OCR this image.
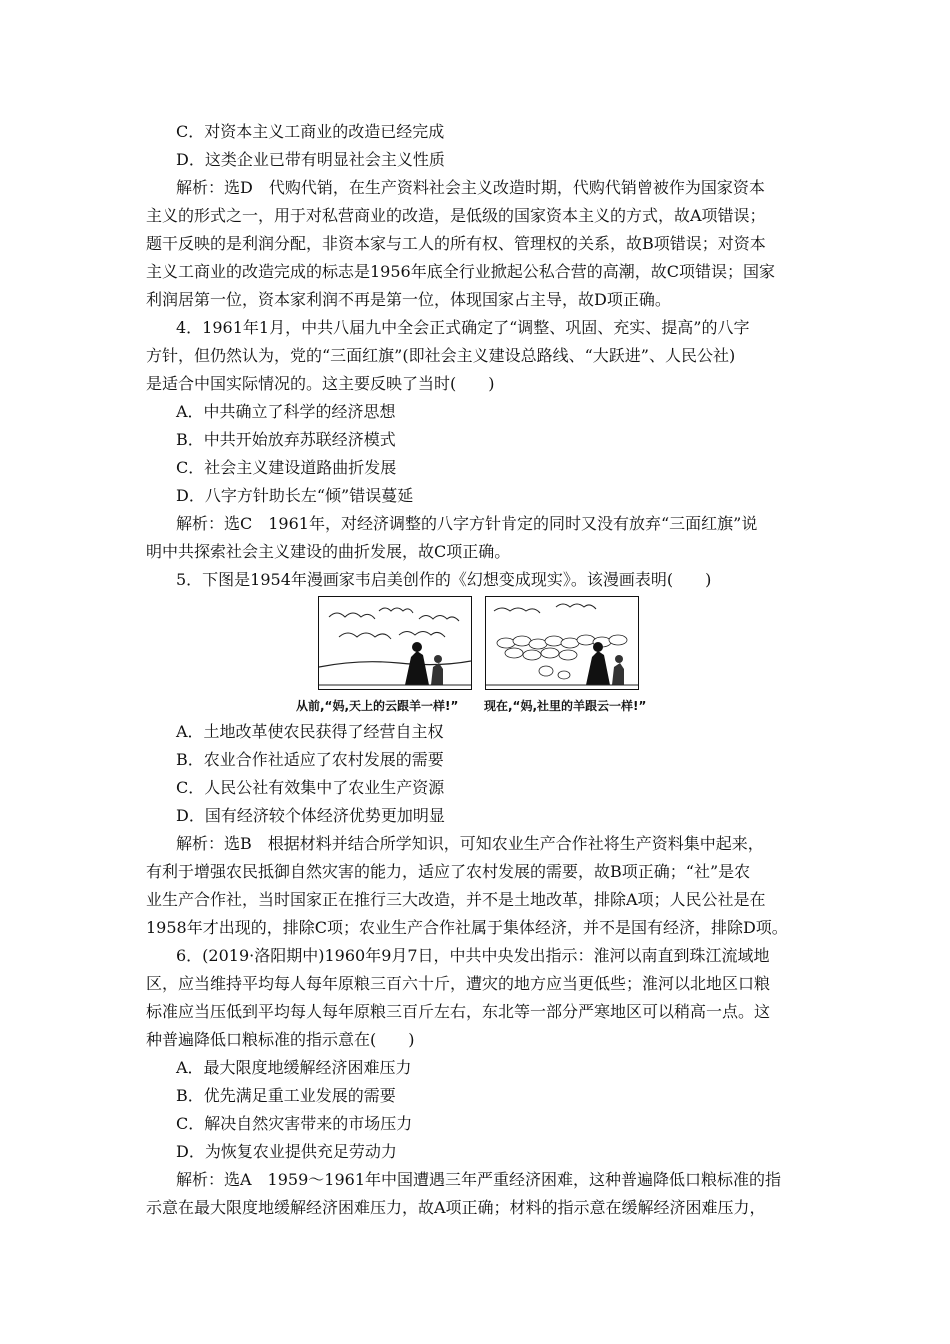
C．对资本主义工商业的改造已经完成
D．这类企业已带有明显社会主义性质
解析：选D　代购代销，在生产资料社会主义改造时期，代购代销曾被作为国家资本
主义的形式之一，用于对私营商业的改造，是低级的国家资本主义的方式，故A项错误；
题干反映的是利润分配，非资本家与工人的所有权、管理权的关系，故B项错误；对资本
主义工商业的改造完成的标志是1956年底全行业掀起公私合营的高潮，故C项错误；国家
利润居第一位，资本家利润不再是第一位，体现国家占主导，故D项正确。
4．1961年1月，中共八届九中全会正式确定了“调整、巩固、充实、提高”的八字
方针，但仍然认为，党的“三面红旗”(即社会主义建设总路线、“大跃进”、人民公社)
是适合中国实际情况的。这主要反映了当时(　　)
A．中共确立了科学的经济思想
B．中共开始放弃苏联经济模式
C．社会主义建设道路曲折发展
D．八字方针助长左“倾”错误蔓延
解析：选C　1961年，对经济调整的八字方针肯定的同时又没有放弃“三面红旗”说
明中共探索社会主义建设的曲折发展，故C项正确。
5．下图是1954年漫画家韦启美创作的《幻想变成现实》。该漫画表明(　　)
从前,“妈,天上的云跟羊一样!” 现在,“妈,社里的羊跟云一样!”
A．土地改革使农民获得了经营自主权
B．农业合作社适应了农村发展的需要
C．人民公社有效集中了农业生产资源
D．国有经济较个体经济优势更加明显
解析：选B　根据材料并结合所学知识，可知农业生产合作社将生产资料集中起来，
有利于增强农民抵御自然灾害的能力，适应了农村发展的需要，故B项正确；“社”是农
业生产合作社，当时国家正在推行三大改造，并不是土地改革，排除A项；人民公社是在
1958年才出现的，排除C项；农业生产合作社属于集体经济，并不是国有经济，排除D项。
6．(2019·洛阳期中)1960年9月7日，中共中央发出指示：淮河以南直到珠江流域地
区，应当维持平均每人每年原粮三百六十斤，遭灾的地方应当更低些；淮河以北地区口粮
标准应当压低到平均每人每年原粮三百斤左右，东北等一部分严寒地区可以稍高一点。这
种普遍降低口粮标准的指示意在(　　)
A．最大限度地缓解经济困难压力
B．优先满足重工业发展的需要
C．解决自然灾害带来的市场压力
D．为恢复农业提供充足劳动力
解析：选A　1959～1961年中国遭遇三年严重经济困难，这种普遍降低口粮标准的指
示意在最大限度地缓解经济困难压力，故A项正确；材料的指示意在缓解经济困难压力，
